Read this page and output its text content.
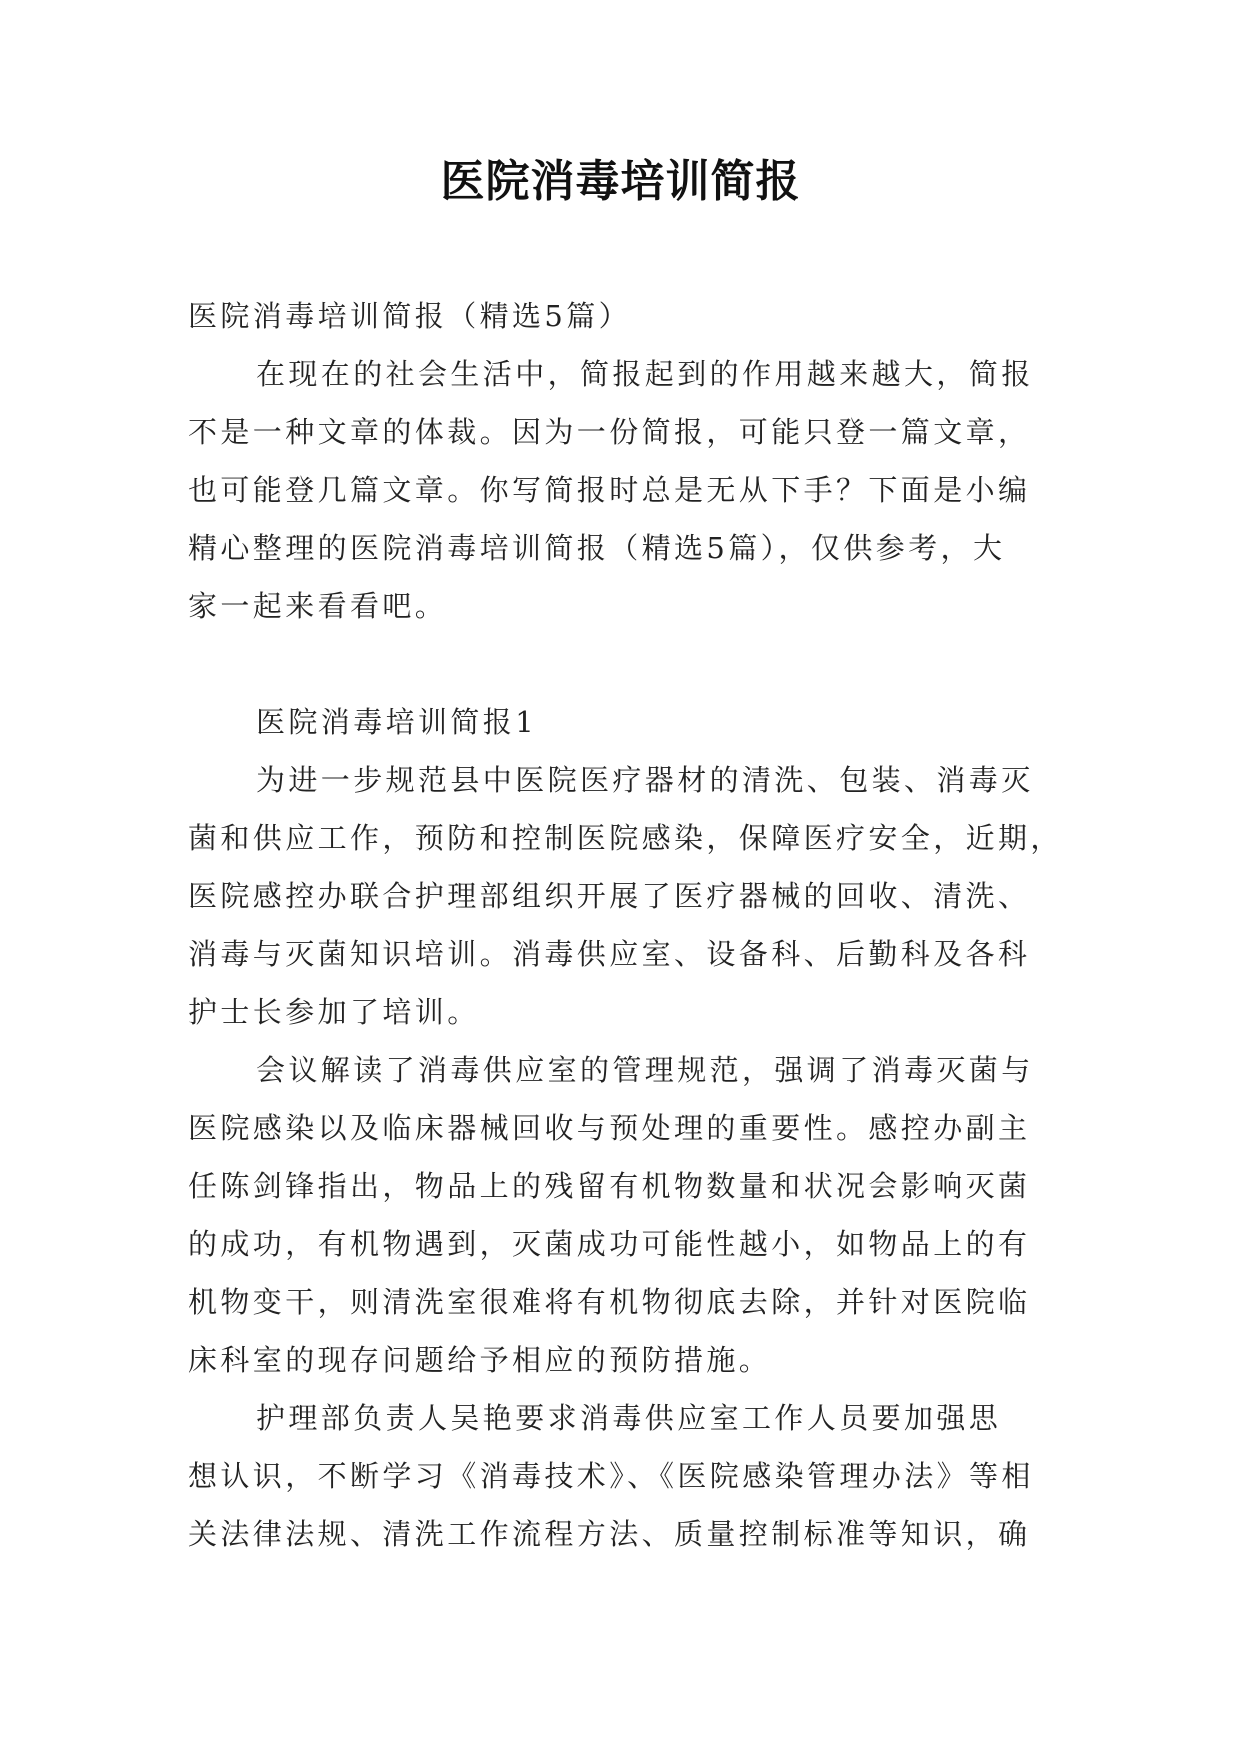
医院消毒培训简报
医院消毒培训简报（精选5篇）
在现在的社会生活中，简报起到的作用越来越大，简报
不是一种文章的体裁。因为一份简报，可能只登一篇文章，
也可能登几篇文章。你写简报时总是无从下手？下面是小编
精心整理的医院消毒培训简报（精选5篇），仅供参考，大
家一起来看看吧。
医院消毒培训简报1
为进一步规范县中医院医疗器材的清洗、包装、消毒灭
菌和供应工作，预防和控制医院感染，保障医疗安全，近期，
医院感控办联合护理部组织开展了医疗器械的回收、清洗、
消毒与灭菌知识培训。消毒供应室、设备科、后勤科及各科
护士长参加了培训。
会议解读了消毒供应室的管理规范，强调了消毒灭菌与
医院感染以及临床器械回收与预处理的重要性。感控办副主
任陈剑锋指出，物品上的残留有机物数量和状况会影响灭菌
的成功，有机物遇到，灭菌成功可能性越小，如物品上的有
机物变干，则清洗室很难将有机物彻底去除，并针对医院临
床科室的现存问题给予相应的预防措施。
护理部负责人吴艳要求消毒供应室工作人员要加强思
想认识，不断学习《消毒技术》、《医院感染管理办法》等相
关法律法规、清洗工作流程方法、质量控制标准等知识，确
